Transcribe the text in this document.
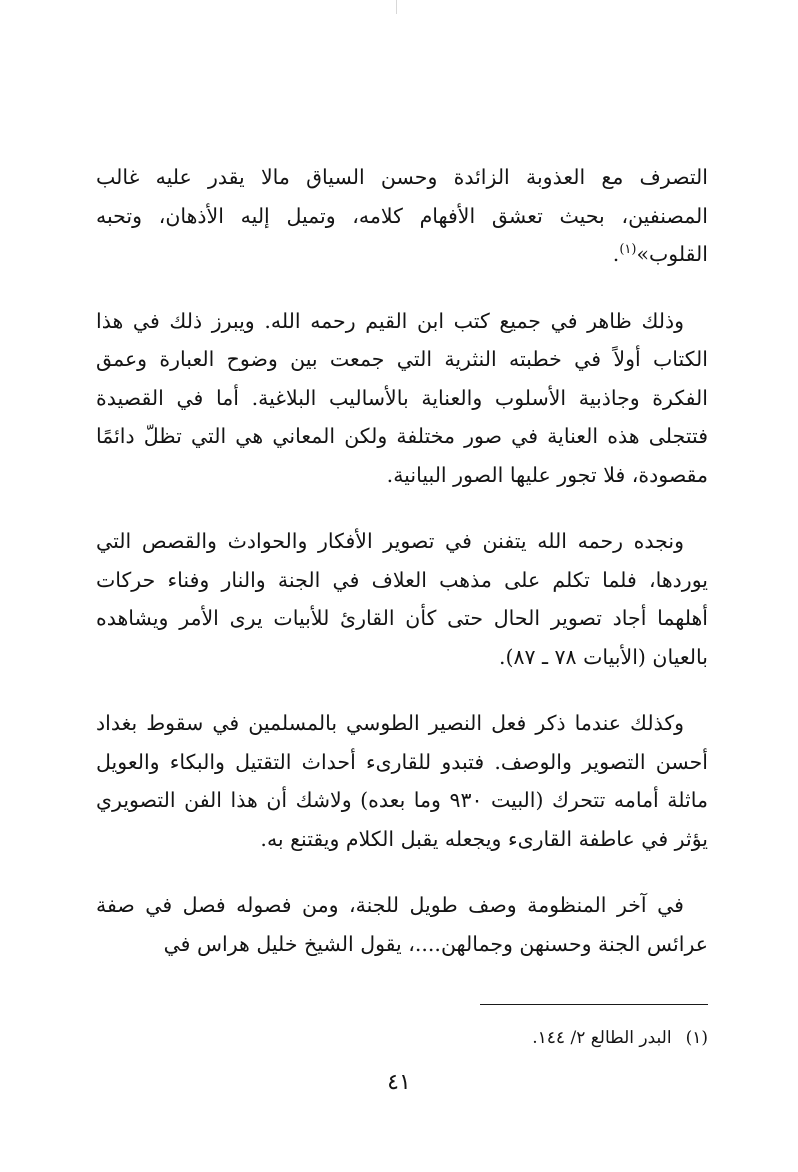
التصرف مع العذوبة الزائدة وحسن السياق مالا يقدر عليه غالب المصنفين، بحيث تعشق الأفهام كلامه، وتميل إليه الأذهان، وتحبه القلوب»$^{(١)}$.

وذلك ظاهر في جميع كتب ابن القيم رحمه الله. ويبرز ذلك في هذا الكتاب أولاً في خطبته النثرية التي جمعت بين وضوح العبارة وعمق الفكرة وجاذبية الأسلوب والعناية بالأساليب البلاغية. أما في القصيدة فتتجلى هذه العناية في صور مختلفة ولكن المعاني هي التي تظلّ دائمًا مقصودة، فلا تجور عليها الصور البيانية.

ونجده رحمه الله يتفنن في تصوير الأفكار والحوادث والقصص التي يوردها، فلما تكلم على مذهب العلاف في الجنة والنار وفناء حركات أهلهما أجاد تصوير الحال حتى كأن القارئ للأبيات يرى الأمر ويشاهده بالعيان (الأبيات ٧٨ ـ ٨٧).

وكذلك عندما ذكر فعل النصير الطوسي بالمسلمين في سقوط بغداد أحسن التصوير والوصف. فتبدو للقارىء أحداث التقتيل والبكاء والعويل ماثلة أمامه تتحرك (البيت ٩٣٠ وما بعده) ولاشك أن هذا الفن التصويري يؤثر في عاطفة القارىء ويجعله يقبل الكلام ويقتنع به.

في آخر المنظومة وصف طويل للجنة، ومن فصوله فصل في صفة عرائس الجنة وحسنهن وجمالهن....، يقول الشيخ خليل هراس في

(١)البدر الطالع ٢/ ١٤٤.
٤١
